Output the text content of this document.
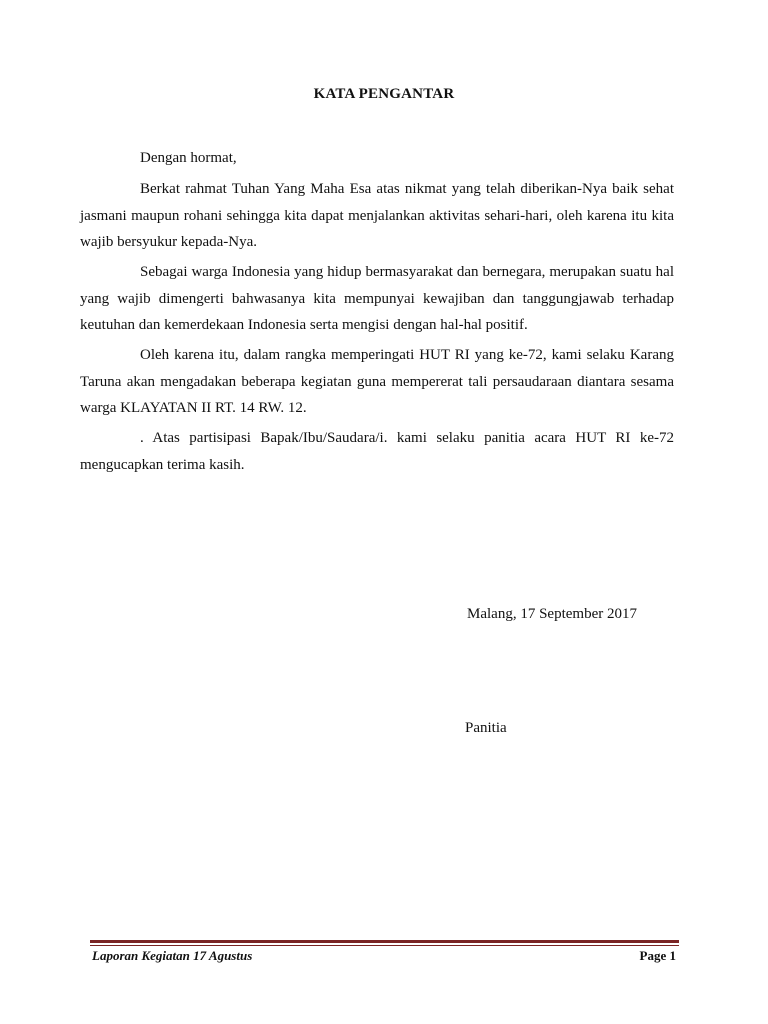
KATA PENGANTAR

Dengan hormat,

Berkat rahmat Tuhan Yang Maha Esa atas nikmat yang telah diberikan-Nya baik sehat jasmani maupun rohani sehingga kita dapat menjalankan aktivitas sehari-hari, oleh karena itu kita wajib bersyukur kepada-Nya.

Sebagai warga Indonesia yang hidup bermasyarakat dan bernegara, merupakan suatu hal yang wajib dimengerti bahwasanya kita mempunyai kewajiban dan tanggungjawab terhadap keutuhan dan kemerdekaan Indonesia serta mengisi dengan hal-hal positif.

Oleh karena itu, dalam rangka memperingati HUT RI yang ke-72, kami selaku Karang Taruna akan mengadakan beberapa kegiatan guna mempererat tali persaudaraan diantara sesama warga KLAYATAN II RT. 14 RW. 12.

. Atas partisipasi Bapak/Ibu/Saudara/i. kami selaku panitia acara HUT RI ke-72 mengucapkan terima kasih.

Malang, 17 September 2017

Panitia

Laporan Kegiatan 17 Agustus	Page 1
